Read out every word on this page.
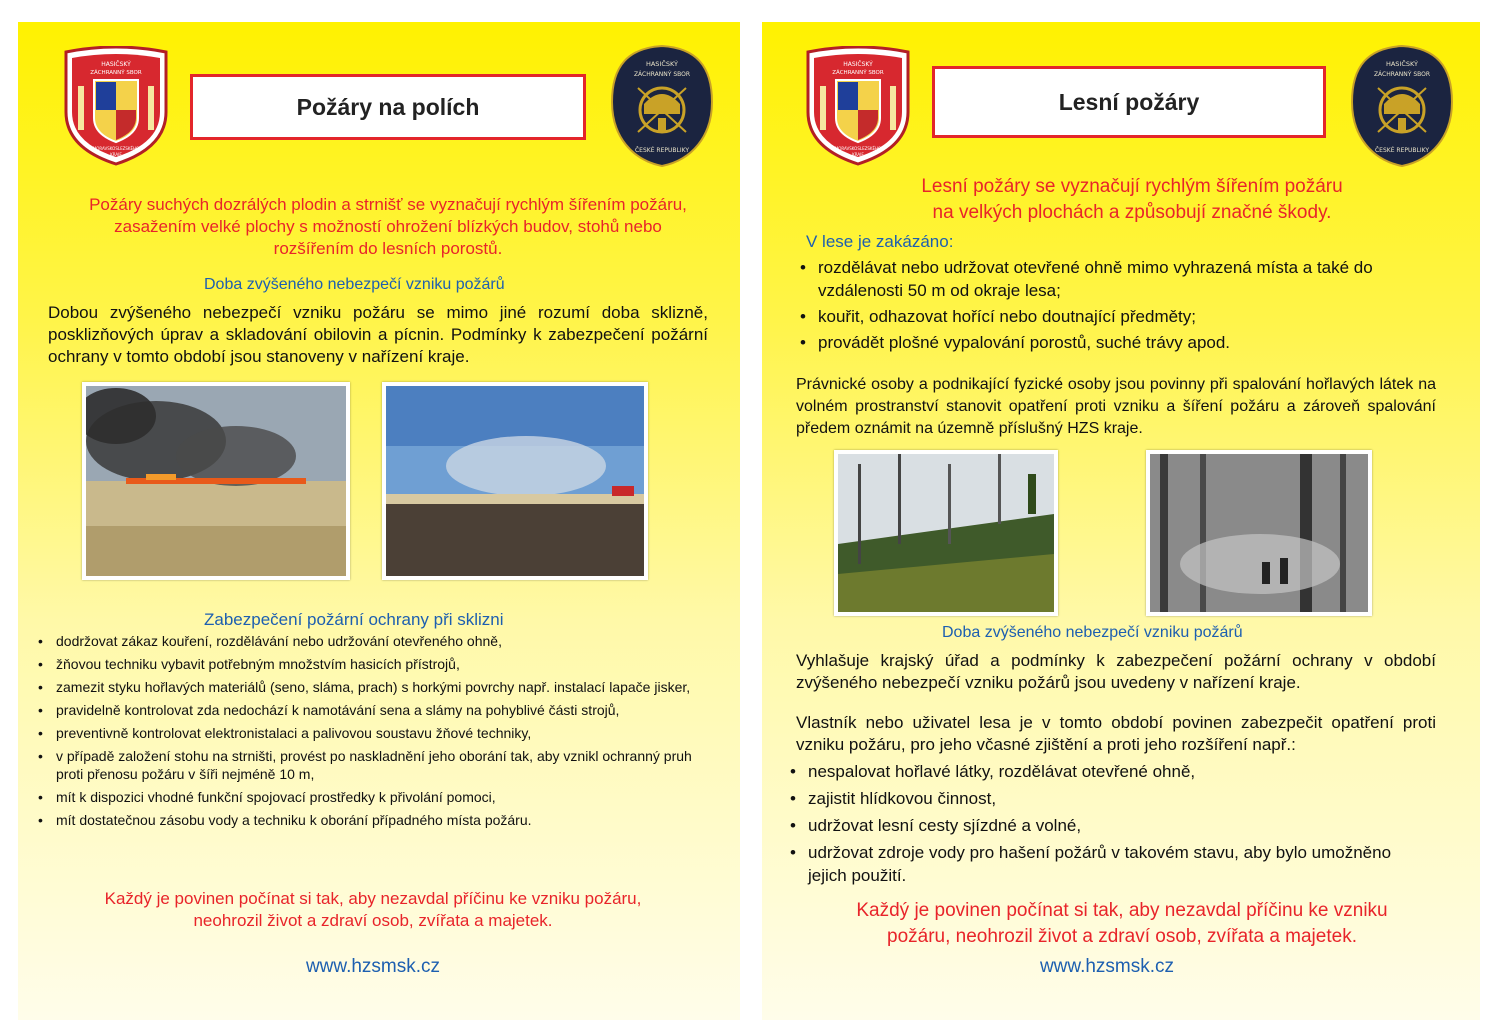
HASIČSKÝ
ZÁCHRANNÝ SBOR
MORAVSKOSLEZSKÉHO
KRAJE
Požáry na polích
HASIČSKÝ
ZÁCHRANNÝ SBOR
ČESKÉ REPUBLIKY
Požáry suchých dozrálých plodin a strnišť se vyznačují rychlým šířením požáru,
zasažením velké plochy s možností ohrožení blízkých budov, stohů nebo
rozšířením do lesních porostů.
Doba zvýšeného nebezpečí vzniku požárů
Dobou zvýšeného nebezpečí vzniku požáru se mimo jiné rozumí doba sklizně, posklizňových úprav a skladování obilovin a pícnin. Podmínky k zabezpečení požární ochrany v tomto období jsou stanoveny v nařízení kraje.
Zabezpečení požární ochrany při sklizni
• dodržovat zákaz kouření, rozdělávání nebo udržování otevřeného ohně,
• žňovou techniku vybavit potřebným množstvím hasicích přístrojů,
• zamezit styku hořlavých materiálů (seno, sláma, prach) s horkými povrchy např. instalací lapače jisker,
• pravidelně kontrolovat zda nedochází k namotávání sena a slámy na pohyblivé části strojů,
• preventivně kontrolovat elektronistalaci a palivovou soustavu žňové techniky,
• v případě založení stohu na strništi, provést po naskladnění jeho oborání tak, aby vznikl ochranný pruh proti přenosu požáru v šíři nejméně 10 m,
• mít k dispozici vhodné funkční spojovací prostředky k přivolání pomoci,
• mít dostatečnou zásobu vody a techniku k oborání případného místa požáru.
Každý je povinen počínat si tak, aby nezavdal příčinu ke vzniku požáru,
neohrozil život a zdraví osob, zvířata a majetek.
www.hzsmsk.cz
HASIČSKÝ
ZÁCHRANNÝ SBOR
MORAVSKOSLEZSKÉHO
KRAJE
Lesní požáry
HASIČSKÝ
ZÁCHRANNÝ SBOR
ČESKÉ REPUBLIKY
Lesní požáry se vyznačují rychlým šířením požáru
na velkých plochách a způsobují značné škody.
V lese je zakázáno:
• rozdělávat nebo udržovat otevřené ohně mimo vyhrazená místa a také do vzdálenosti 50 m od okraje lesa;
• kouřit, odhazovat hořící nebo doutnající předměty;
• provádět plošné vypalování porostů, suché trávy apod.
Právnické osoby a podnikající fyzické osoby jsou povinny při spalování hořlavých látek na volném prostranství stanovit opatření proti vzniku a šíření požáru a zároveň spalování předem oznámit na územně příslušný HZS kraje.
Doba zvýšeného nebezpečí vzniku požárů
Vyhlašuje krajský úřad a podmínky k zabezpečení požární ochrany v období zvýšeného nebezpečí vzniku požárů jsou uvedeny v nařízení kraje.
Vlastník nebo uživatel lesa je v tomto období povinen zabezpečit opatření proti vzniku požáru, pro jeho včasné zjištění a proti jeho rozšíření např.:
• nespalovat hořlavé látky, rozdělávat otevřené ohně,
• zajistit hlídkovou činnost,
• udržovat lesní cesty sjízdné a volné,
• udržovat zdroje vody pro hašení požárů v takovém stavu, aby bylo umožněno jejich použití.
Každý je povinen počínat si tak, aby nezavdal příčinu ke vzniku
požáru, neohrozil život a zdraví osob, zvířata a majetek.
www.hzsmsk.cz
